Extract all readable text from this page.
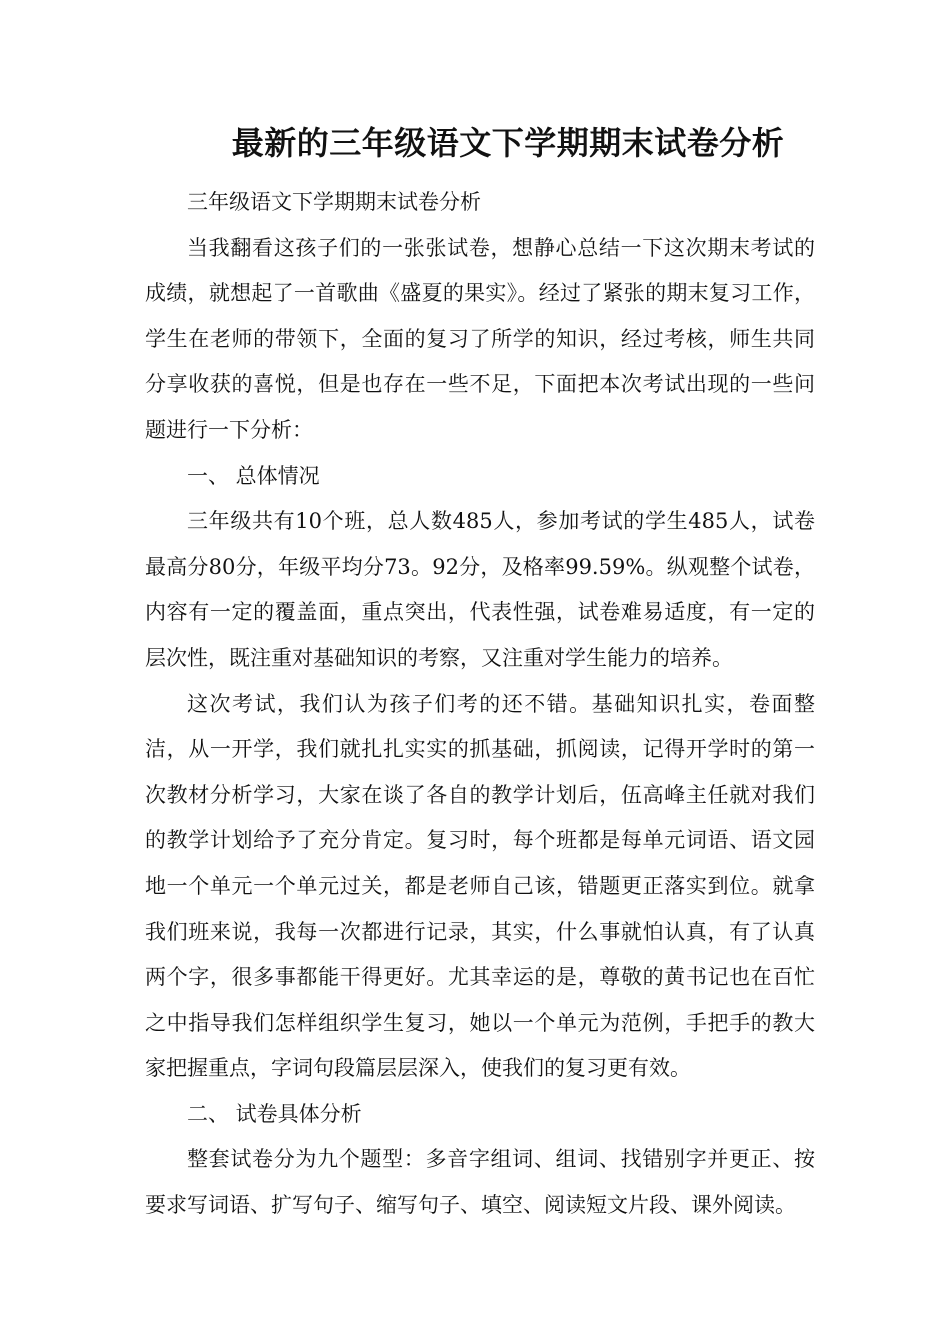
最新的三年级语文下学期期末试卷分析

三年级语文下学期期末试卷分析

当我翻看这孩子们的一张张试卷，想静心总结一下这次期末考试的成绩，就想起了一首歌曲《盛夏的果实》。经过了紧张的期末复习工作，学生在老师的带领下，全面的复习了所学的知识，经过考核，师生共同分享收获的喜悦，但是也存在一些不足，下面把本次考试出现的一些问题进行一下分析：

一、 总体情况

三年级共有10个班，总人数485人，参加考试的学生485人，试卷最高分80分，年级平均分73。92分，及格率99.59%。纵观整个试卷，内容有一定的覆盖面，重点突出，代表性强，试卷难易适度，有一定的层次性，既注重对基础知识的考察，又注重对学生能力的培养。

这次考试，我们认为孩子们考的还不错。基础知识扎实，卷面整洁，从一开学，我们就扎扎实实的抓基础，抓阅读，记得开学时的第一次教材分析学习，大家在谈了各自的教学计划后，伍高峰主任就对我们的教学计划给予了充分肯定。复习时，每个班都是每单元词语、语文园地一个单元一个单元过关，都是老师自己该，错题更正落实到位。就拿我们班来说，我每一次都进行记录，其实，什么事就怕认真，有了认真两个字，很多事都能干得更好。尤其幸运的是，尊敬的黄书记也在百忙之中指导我们怎样组织学生复习，她以一个单元为范例，手把手的教大家把握重点，字词句段篇层层深入，使我们的复习更有效。

二、 试卷具体分析

整套试卷分为九个题型：多音字组词、组词、找错别字并更正、按要求写词语、扩写句子、缩写句子、填空、阅读短文片段、课外阅读。
